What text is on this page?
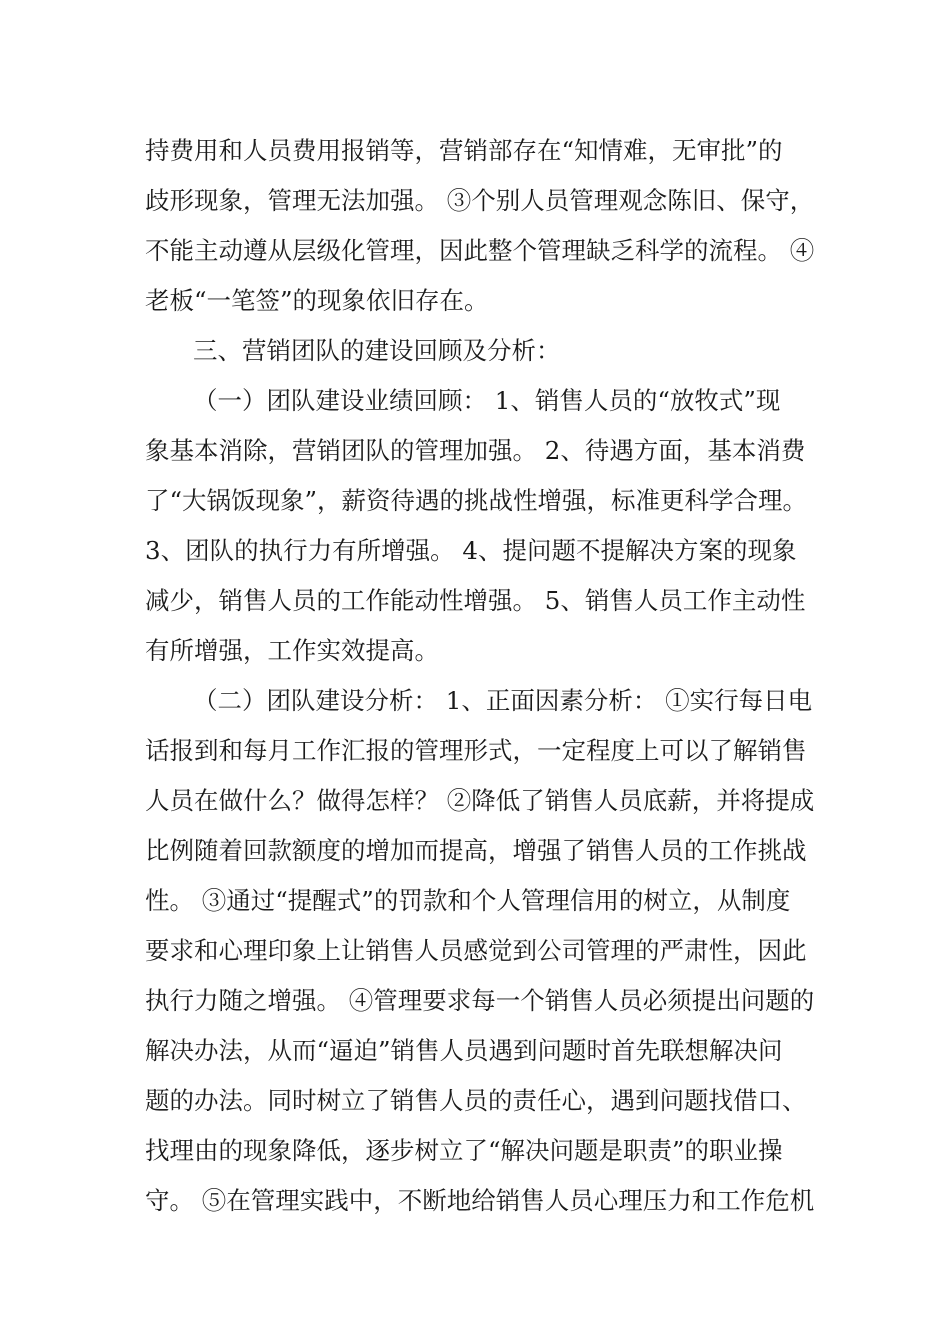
持费用和人员费用报销等，营销部存在“知情难，无审批”的
歧形现象，管理无法加强。 ③个别人员管理观念陈旧、保守，
不能主动遵从层级化管理，因此整个管理缺乏科学的流程。 ④
老板“一笔签”的现象依旧存在。
三、营销团队的建设回顾及分析：
（一）团队建设业绩回顾： 1、销售人员的“放牧式”现
象基本消除，营销团队的管理加强。 2、待遇方面，基本消费
了“大锅饭现象”，薪资待遇的挑战性增强，标准更科学合理。
3、团队的执行力有所增强。 4、提问题不提解决方案的现象
减少，销售人员的工作能动性增强。 5、销售人员工作主动性
有所增强，工作实效提高。
（二）团队建设分析： 1、正面因素分析： ①实行每日电
话报到和每月工作汇报的管理形式，一定程度上可以了解销售
人员在做什么？做得怎样？ ②降低了销售人员底薪，并将提成
比例随着回款额度的增加而提高，增强了销售人员的工作挑战
性。 ③通过“提醒式”的罚款和个人管理信用的树立，从制度
要求和心理印象上让销售人员感觉到公司管理的严肃性，因此
执行力随之增强。 ④管理要求每一个销售人员必须提出问题的
解决办法，从而“逼迫”销售人员遇到问题时首先联想解决问
题的办法。同时树立了销售人员的责任心，遇到问题找借口、
找理由的现象降低，逐步树立了“解决问题是职责”的职业操
守。 ⑤在管理实践中，不断地给销售人员心理压力和工作危机
